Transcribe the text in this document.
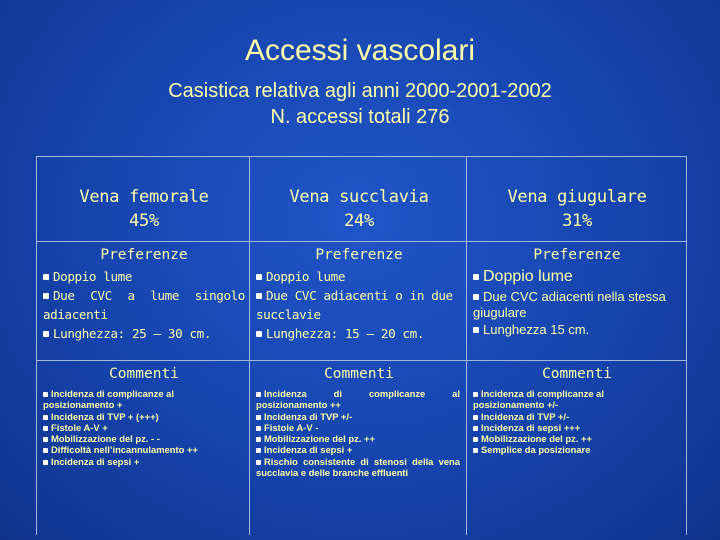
Accessi vascolari
Casistica relativa agli anni 2000-2001-2002
N. accessi totali 276
Vena femorale
45%
Preferenze

Doppio lume

Due CVC a lume singolo adiacenti

Lunghezza: 25 – 30 cm.

Commenti

Incidenza di complicanze al posizionamento +

Incidenza di TVP + (+++)

Fistole A-V +

Mobilizzazione del pz. - -

Difficoltà nell’incannulamento ++

Incidenza di sepsi +

Vena succlavia
24%
Preferenze

Doppio lume

Due CVC adiacenti o in due succlavie

Lunghezza: 15 – 20 cm.

Commenti

Incidenza di complicanze al posizionamento ++

Incidenza di TVP +/-

Fistole A-V -

Mobilizzazione del pz. ++

Incidenza di sepsi +

Rischio consistente di stenosi della vena succlavia e delle branche effluenti

Vena giugulare
31%
Preferenze

Doppio lume

Due CVC adiacenti nella stessa giugulare

Lunghezza 15 cm.

Commenti

Incidenza di complicanze al posizionamento +/-

Incidenza di TVP +/-

Incidenza di sepsi +++

Mobilizzazione del pz. ++

Semplice da posizionare
